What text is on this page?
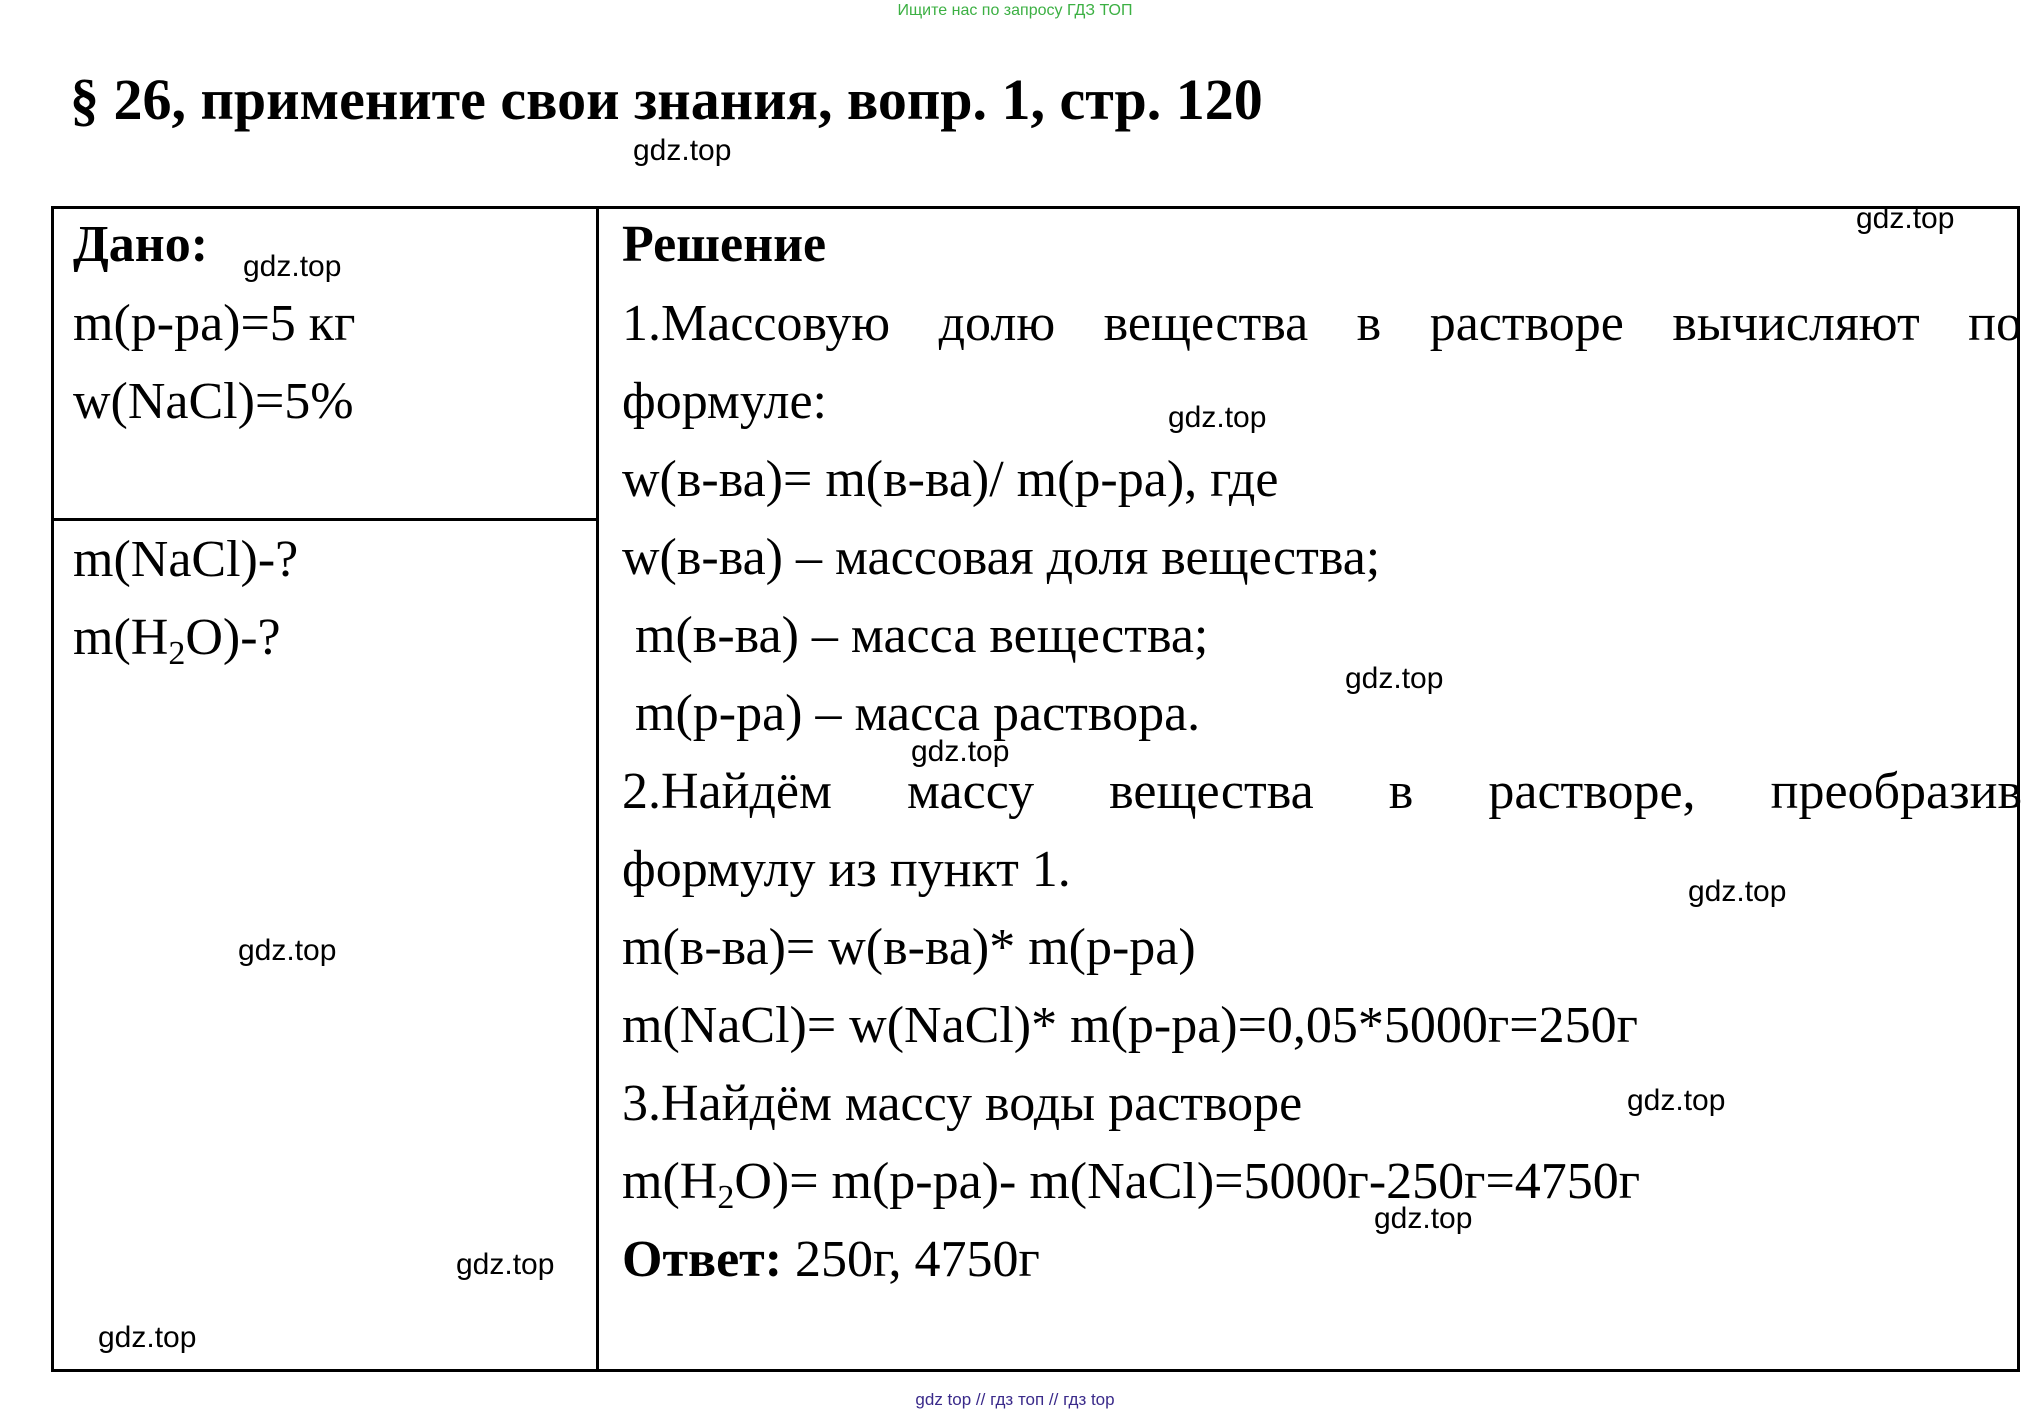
Ищите нас по запросу ГДЗ ТОП
§ 26, примените свои знания, вопр. 1, стр. 120
Дано:
m(р-ра)=5 кг
w(NaCl)=5%
m(NaCl)-?
$m(H_2O)-$?
Решение
1.Массовую долю вещества в растворе вычисляют по
формуле:
w(в-ва)= m(в-ва)/ m(р-ра), где
w(в-ва) – массовая доля вещества;
m(в-ва) – масса вещества;
m(р-ра) – масса раствора.
2.Найдём массу вещества в растворе, преобразив
формулу из пункт 1.
m(в-ва)= w(в-ва)* m(р-ра)
m(NaCl)= w(NaCl)* m(р-ра)=0,05*5000г=250г
3.Найдём массу воды растворе
$m(H_2O)= m(р-ра)-$ m(NaCl)=5000г-250г=4750г
Ответ: 250г, 4750г
gdz.top
gdz.top
gdz.top
gdz.top
gdz.top
gdz.top
gdz.top
gdz.top
gdz.top
gdz.top
gdz.top
gdz.top
gdz top // гдз топ // гдз top
